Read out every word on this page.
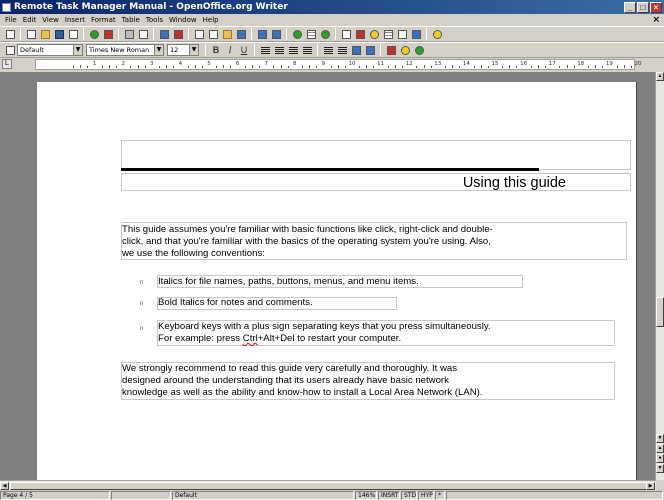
Remote Task Manager Manual - OpenOffice.org Writer	_	□	×
File Edit View Insert Format Table Tools Window Help	×
Default	▼ Times New Roman	▼ 12	▼	B	I	U
L	1	2	3	4	5	6	7	8	9	10	11	12	13	14	15	16	17	18	19	20
Using this guide
This guide assumes you're familiar with basic functions like click, right-click and double-
click, and that you're familiar with the basics of the operating system you're using. Also,
we use the following conventions:
n Italics for file names, paths, buttons, menus, and menu items.
n Bold Italics for notes and comments.
n Keyboard keys with a plus sign separating keys that you press simultaneously.
For example: press Ctrl+Alt+Del to restart your computer.
We strongly recommend to read this guide very carefully and thoroughly. It was
designed around the understanding that its users already have basic network
knowledge as well as the ability and know-how to install a Local Area Network (LAN).
▲
▼
▲
●
▼
◀	▶
Page 4 / 5	Default	146% INSRT STD HYP *
